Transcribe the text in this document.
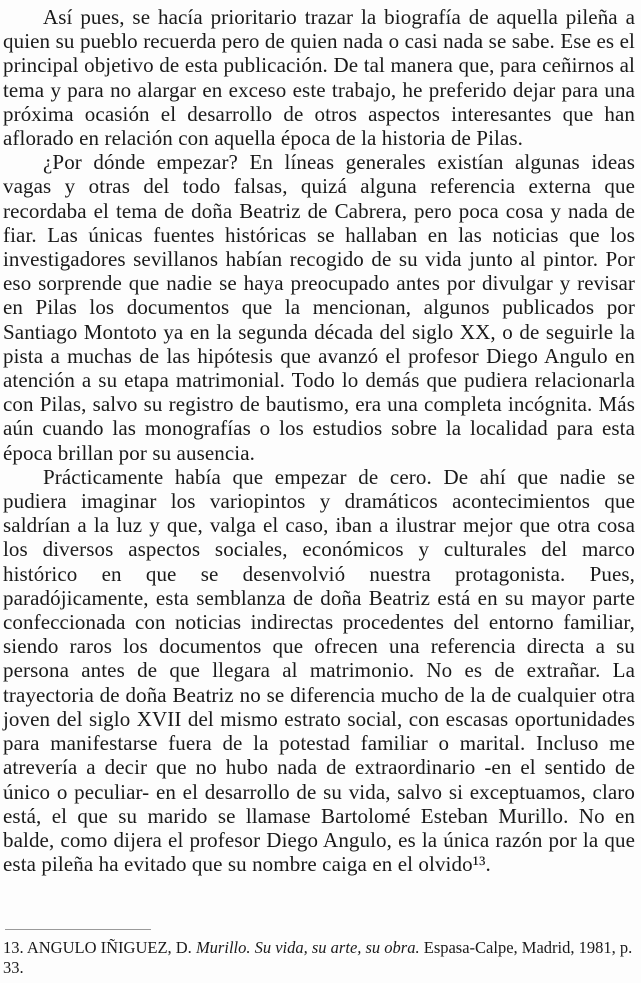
Así pues, se hacía prioritario trazar la biografía de aquella pileña a quien su pueblo recuerda pero de quien nada o casi nada se sabe. Ese es el principal objetivo de esta publicación. De tal manera que, para ceñirnos al tema y para no alargar en exceso este trabajo, he preferido dejar para una próxima ocasión el desarrollo de otros aspectos interesantes que han aflorado en relación con aquella época de la historia de Pilas.

¿Por dónde empezar? En líneas generales existían algunas ideas vagas y otras del todo falsas, quizá alguna referencia externa que recordaba el tema de doña Beatriz de Cabrera, pero poca cosa y nada de fiar. Las únicas fuentes históricas se hallaban en las noticias que los investigadores sevillanos habían recogido de su vida junto al pintor. Por eso sorprende que nadie se haya preocupado antes por divulgar y revisar en Pilas los documentos que la mencionan, algunos publicados por Santiago Montoto ya en la segunda década del siglo XX, o de seguirle la pista a muchas de las hipótesis que avanzó el profesor Diego Angulo en atención a su etapa matrimonial. Todo lo demás que pudiera relacionarla con Pilas, salvo su registro de bautismo, era una completa incógnita. Más aún cuando las monografías o los estudios sobre la localidad para esta época brillan por su ausencia.

Prácticamente había que empezar de cero. De ahí que nadie se pudiera imaginar los variopintos y dramáticos acontecimientos que saldrían a la luz y que, valga el caso, iban a ilustrar mejor que otra cosa los diversos aspectos sociales, económicos y culturales del marco histórico en que se desenvolvió nuestra protagonista. Pues, paradójicamente, esta semblanza de doña Beatriz está en su mayor parte confeccionada con noticias indirectas procedentes del entorno familiar, siendo raros los documentos que ofrecen una referencia directa a su persona antes de que llegara al matrimonio. No es de extrañar. La trayectoria de doña Beatriz no se diferencia mucho de la de cualquier otra joven del siglo XVII del mismo estrato social, con escasas oportunidades para manifestarse fuera de la potestad familiar o marital. Incluso me atrevería a decir que no hubo nada de extraordinario -en el sentido de único o peculiar- en el desarrollo de su vida, salvo si exceptuamos, claro está, el que su marido se llamase Bartolomé Esteban Murillo. No en balde, como dijera el profesor Diego Angulo, es la única razón por la que esta pileña ha evitado que su nombre caiga en el olvido¹³.

13. ANGULO IÑIGUEZ, D. Murillo. Su vida, su arte, su obra. Espasa-Calpe, Madrid, 1981, p. 33.
